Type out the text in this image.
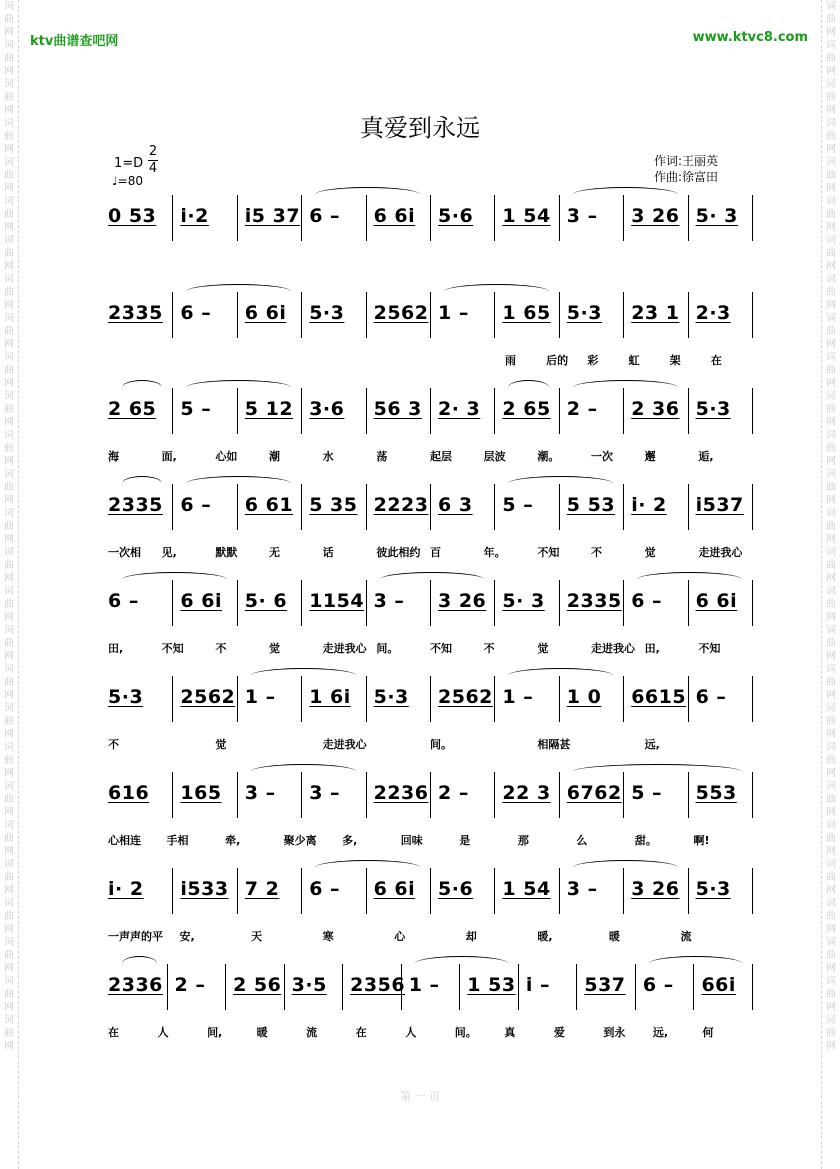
词曲网词曲网词曲网词曲网词曲网词曲网词曲网词曲网词曲网词曲网词曲网词曲网词曲网词曲网词曲网词曲网词曲网词曲网词曲网词曲网词曲网词曲网词曲网词曲网词曲网词曲网词曲网
词曲网词曲网词曲网词曲网词曲网词曲网词曲网词曲网词曲网词曲网词曲网词曲网词曲网词曲网词曲网词曲网词曲网词曲网词曲网词曲网词曲网词曲网词曲网词曲网词曲网词曲网词曲网
ktv曲谱查吧网	www.ktvc8.com
真爱到永远
1=D
2
4
♩=80
作词:王丽英
作曲:徐富田
0 53 i·2 i5 37 6 – 6 6i 5·6 1 54 3 – 3 26 5· 3
2335 6 – 6 6i 5·3 2562 1 – 1 65 5·3 23 1 2·3
雨	后的 彩	虹	架	在
2 65 5 – 5 12 3·6 56 3 2· 3 2 65 2 – 2 36 5·3
海	面,	心如	潮	水	荡	起层	层波	潮。	一次	邂	逅,
2335 6 – 6 61 5 35 2223 6 3 5 – 5 53 i· 2 i537
一次相 见,	默默	无	话	彼此相约 百	年。	不知	不	觉	走进我心
6 – 6 6i 5· 6 1154 3 – 3 26 5· 3 2335 6 – 6 6i
田,	不知	不	觉	走进我心 间。	不知	不	觉	走进我心 田,	不知
5·3 2562 1 – 1 6i 5·3 2562 1 – 1 0 6615 6 –
不	觉	走进我心	间。	相隔甚	远,
616 165 3 – 3 – 2236 2 – 22 3 6762 5 – 553
心相连 手相	牵,	聚少离 多,	回味	是	那	么	甜。	啊!
i· 2 i533 7 2 6 – 6 6i 5·6 1 54 3 – 3 26 5·3
一声声的平 安,	天	寒	心	却	暖,	暖	流
2336 2 – 2 56 3·5 2356 1 – 1 53 i – 537 6 – 66i
在	人	间,	暖	流	在	人	间。	真	爱	到永	远,	何
第 一 页
